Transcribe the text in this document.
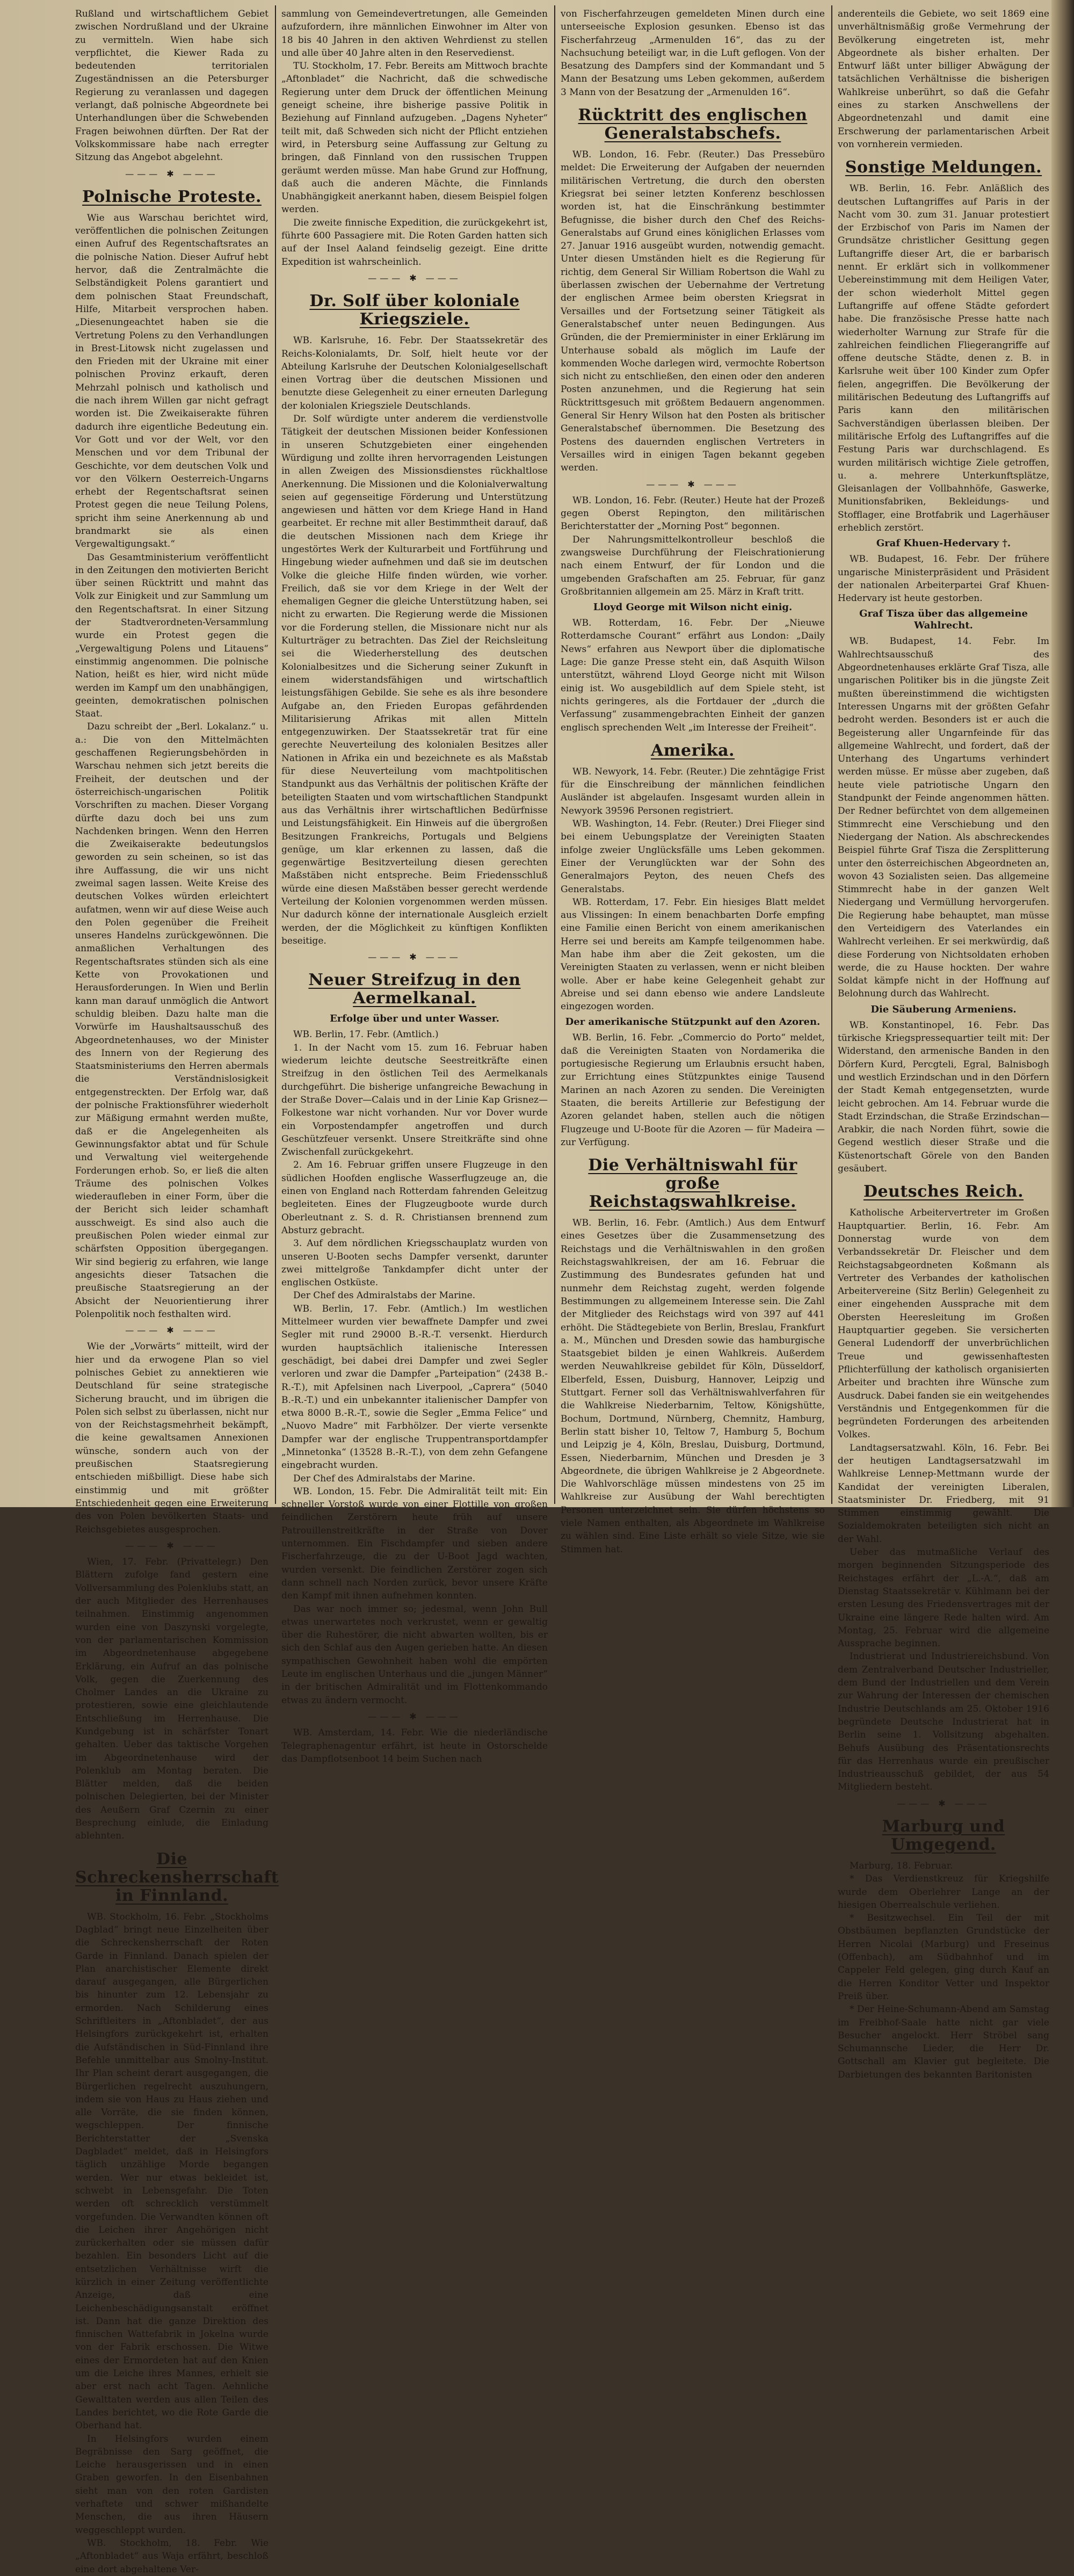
Rußland und wirtschaftlichem Gebiet zwischen Nordrußland und der Ukraine zu vermitteln. Wien habe sich verpflichtet, die Kiewer Rada zu bedeutenden territorialen Zugeständnissen an die Petersburger Regierung zu veranlassen und dagegen verlangt, daß polnische Abgeordnete bei Unterhandlungen über die Schwebenden Fragen beiwohnen dürften. Der Rat der Volkskommissare habe nach erregter Sitzung das Angebot abgelehnt.

——— ✱ ———
Polnische Proteste.

Wie aus Warschau berichtet wird, veröffentlichen die polnischen Zeitungen einen Aufruf des Regentschaftsrates an die polnische Nation. Dieser Aufruf hebt hervor, daß die Zentralmächte die Selbständigkeit Polens garantiert und dem polnischen Staat Freundschaft, Hilfe, Mitarbeit versprochen haben. „Diesenungeachtet haben sie die Vertretung Polens zu den Verhandlungen in Brest-Litowsk nicht zugelassen und den Frieden mit der Ukraine mit einer polnischen Provinz erkauft, deren Mehrzahl polnisch und katholisch und die nach ihrem Willen gar nicht gefragt worden ist. Die Zweikaiserakte führen dadurch ihre eigentliche Bedeutung ein. Vor Gott und vor der Welt, vor den Menschen und vor dem Tribunal der Geschichte, vor dem deutschen Volk und vor den Völkern Oesterreich-Ungarns erhebt der Regentschaftsrat seinen Protest gegen die neue Teilung Polens, spricht ihm seine Anerkennung ab und brandmarkt sie als einen Vergewaltigungsakt.“

Das Gesamtministerium veröffentlicht in den Zeitungen den motivierten Bericht über seinen Rücktritt und mahnt das Volk zur Einigkeit und zur Sammlung um den Regentschaftsrat. In einer Sitzung der Stadtverordneten-Versammlung wurde ein Protest gegen die „Vergewaltigung Polens und Litauens“ einstimmig angenommen. Die polnische Nation, heißt es hier, wird nicht müde werden im Kampf um den unabhängigen, geeinten, demokratischen polnischen Staat.

Dazu schreibt der „Berl. Lokalanz.“ u. a.: Die von den Mittelmächten geschaffenen Regierungsbehörden in Warschau nehmen sich jetzt bereits die Freiheit, der deutschen und der österreichisch-ungarischen Politik Vorschriften zu machen. Dieser Vorgang dürfte dazu doch bei uns zum Nachdenken bringen. Wenn den Herren die Zweikaiserakte bedeutungslos geworden zu sein scheinen, so ist das ihre Auffassung, die wir uns nicht zweimal sagen lassen. Weite Kreise des deutschen Volkes würden erleichtert aufatmen, wenn wir auf diese Weise auch den Polen gegenüber die Freiheit unseres Handelns zurückgewönnen. Die anmaßlichen Verhaltungen des Regentschaftsrates stünden sich als eine Kette von Provokationen und Herausforderungen. In Wien und Berlin kann man darauf unmöglich die Antwort schuldig bleiben. Dazu halte man die Vorwürfe im Haushaltsausschuß des Abgeordnetenhauses, wo der Minister des Innern von der Regierung des Staatsministeriums den Herren abermals die Verständnislosigkeit entgegenstreckten. Der Erfolg war, daß der polnische Fraktionsführer wiederholt zur Mäßigung ermahnt werden mußte, daß er die Angelegenheiten als Gewinnungsfaktor abtat und für Schule und Verwaltung viel weitergehende Forderungen erhob. So, er ließ die alten Träume des polnischen Volkes wiederaufleben in einer Form, über die der Bericht sich leider schamhaft ausschweigt. Es sind also auch die preußischen Polen wieder einmal zur schärfsten Opposition übergegangen. Wir sind begierig zu erfahren, wie lange angesichts dieser Tatsachen die preußische Staatsregierung an der Absicht der Neuorientierung ihrer Polenpolitik noch festhalten wird.

——— ✱ ———

Wie der „Vorwärts“ mitteilt, wird der hier und da erwogene Plan so viel polnisches Gebiet zu annektieren wie Deutschland für seine strategische Sicherung braucht, und im übrigen die Polen sich selbst zu überlassen, nicht nur von der Reichstagsmehrheit bekämpft, die keine gewaltsamen Annexionen wünsche, sondern auch von der preußischen Staatsregierung entschieden mißbilligt. Diese habe sich einstimmig und mit größter Entschiedenheit gegen eine Erweiterung des von Polen bevölkerten Staats- und Reichsgebietes ausgesprochen.

——— ✱ ———

Wien, 17. Febr. (Privattelegr.) Den Blättern zufolge fand gestern eine Vollversammlung des Polenklubs statt, an der auch Mitglieder des Herrenhauses teilnahmen. Einstimmig angenommen wurden eine von Daszynski vorgelegte, von der parlamentarischen Kommission im Abgeordnetenhause abgegebene Erklärung, ein Aufruf an das polnische Volk, gegen die Zuerkennung des Cholmer Landes an die Ukraine zu protestieren, sowie eine gleichlautende Entschließung im Herrenhause. Die Kundgebung ist in schärfster Tonart gehalten. Ueber das taktische Vorgehen im Abgeordnetenhause wird der Polenklub am Montag beraten. Die Blätter melden, daß die beiden polnischen Delegierten, bei der Minister des Aeußern Graf Czernin zu einer Besprechung einlude, die Einladung ablehnten.

Die Schreckensherrschaft in Finnland.

WB. Stockholm, 16. Febr. „Stockholms Dagblad“ bringt neue Einzelheiten über die Schreckensherrschaft der Roten Garde in Finnland. Danach spielen der Plan anarchistischer Elemente direkt darauf ausgegangen, alle Bürgerlichen bis hinunter zum 12. Lebensjahr zu ermorden. Nach Schilderung eines Schriftleiters in „Aftonbladet“, der aus Helsingfors zurückgekehrt ist, erhalten die Aufständischen in Süd-Finnland ihre Befehle unmittelbar aus Smolny-Institut. Ihr Plan scheint derart ausgegangen, die Bürgerlichen regelrecht auszuhungern, indem sie von Haus zu Haus ziehen und alle Vorräte, die sie finden können, wegschleppen. Der finnische Berichterstatter der „Svenska Dagbladet“ meldet, daß in Helsingfors täglich unzählige Morde begangen werden. Wer nur etwas bekleidet ist, schwebt in Lebensgefahr. Die Toten werden oft schrecklich verstümmelt vorgefunden. Die Verwandten können oft die Leichen ihrer Angehörigen nicht zurückerhalten oder sie müssen dafür bezahlen. Ein besonders Licht auf die entsetzlichen Verhältnisse wirft die kürzlich in einer Zeitung veröffentlichte Anzeige, daß eine Leichenbeschädigungsanstalt eröffnet ist. Dann hat die ganze Direktion des finnischen Wattefabrik in Jokelna wurde von der Fabrik erschossen. Die Witwe eines der Ermordeten hat auf den Knien um die Leiche ihres Mannes, erhielt sie aber erst nach acht Tagen. Aehnliche Gewalttaten werden aus allen Teilen des Landes berichtet, wo die Rote Garde die Oberhand hat.

In Helsingfors wurden einem Begräbnisse den Sarg geöffnet, die Leiche herausgerissen und in einen Graben geworfen. In den Eisenbahnen sieht man von den roten Gardisten verhaftete und schwer mißhandelte Menschen, die aus ihren Häusern weggeschleppt wurden.

WB. Stockholm, 18. Febr. Wie „Aftonbladet“ aus Waja erfährt, beschloß eine dort abgehaltene Ver-

sammlung von Gemeindevertretungen, alle Gemeinden aufzufordern, ihre männlichen Einwohner im Alter von 18 bis 40 Jahren in den aktiven Wehrdienst zu stellen und alle über 40 Jahre alten in den Reservedienst.

TU. Stockholm, 17. Febr. Bereits am Mittwoch brachte „Aftonbladet“ die Nachricht, daß die schwedische Regierung unter dem Druck der öffentlichen Meinung geneigt scheine, ihre bisherige passive Politik in Beziehung auf Finnland aufzugeben. „Dagens Nyheter“ teilt mit, daß Schweden sich nicht der Pflicht entziehen wird, in Petersburg seine Auffassung zur Geltung zu bringen, daß Finnland von den russischen Truppen geräumt werden müsse. Man habe Grund zur Hoffnung, daß auch die anderen Mächte, die Finnlands Unabhängigkeit anerkannt haben, diesem Beispiel folgen werden.

Die zweite finnische Expedition, die zurückgekehrt ist, führte 600 Passagiere mit. Die Roten Garden hatten sich auf der Insel Aaland feindselig gezeigt. Eine dritte Expedition ist wahrscheinlich.

——— ✱ ———
Dr. Solf über koloniale Kriegsziele.

WB. Karlsruhe, 16. Febr. Der Staatssekretär des Reichs-Kolonialamts, Dr. Solf, hielt heute vor der Abteilung Karlsruhe der Deutschen Kolonialgesellschaft einen Vortrag über die deutschen Missionen und benutzte diese Gelegenheit zu einer erneuten Darlegung der kolonialen Kriegsziele Deutschlands.

Dr. Solf würdigte unter anderem die verdienstvolle Tätigkeit der deutschen Missionen beider Konfessionen in unseren Schutzgebieten einer eingehenden Würdigung und zollte ihren hervorragenden Leistungen in allen Zweigen des Missionsdienstes rückhaltlose Anerkennung. Die Missionen und die Kolonialverwaltung seien auf gegenseitige Förderung und Unterstützung angewiesen und hätten vor dem Kriege Hand in Hand gearbeitet. Er rechne mit aller Bestimmtheit darauf, daß die deutschen Missionen nach dem Kriege ihr ungestörtes Werk der Kulturarbeit und Fortführung und Hingebung wieder aufnehmen und daß sie im deutschen Volke die gleiche Hilfe finden würden, wie vorher. Freilich, daß sie vor dem Kriege in der Welt der ehemaligen Gegner die gleiche Unterstützung haben, sei nicht zu erwarten. Die Regierung werde die Missionen vor die Forderung stellen, die Missionare nicht nur als Kulturträger zu betrachten. Das Ziel der Reichsleitung sei die Wiederherstellung des deutschen Kolonialbesitzes und die Sicherung seiner Zukunft in einem widerstandsfähigen und wirtschaftlich leistungsfähigen Gebilde. Sie sehe es als ihre besondere Aufgabe an, den Frieden Europas gefährdenden Militarisierung Afrikas mit allen Mitteln entgegenzuwirken. Der Staatssekretär trat für eine gerechte Neuverteilung des kolonialen Besitzes aller Nationen in Afrika ein und bezeichnete es als Maßstab für diese Neuverteilung vom machtpolitischen Standpunkt aus das Verhältnis der politischen Kräfte der beteiligten Staaten und vom wirtschaftlichen Standpunkt aus das Verhältnis ihrer wirtschaftlichen Bedürfnisse und Leistungsfähigkeit. Ein Hinweis auf die übergroßen Besitzungen Frankreichs, Portugals und Belgiens genüge, um klar erkennen zu lassen, daß die gegenwärtige Besitzverteilung diesen gerechten Maßstäben nicht entspreche. Beim Friedensschluß würde eine diesen Maßstäben besser gerecht werdende Verteilung der Kolonien vorgenommen werden müssen. Nur dadurch könne der internationale Ausgleich erzielt werden, der die Möglichkeit zu künftigen Konflikten beseitige.

——— ✱ ———
Neuer Streifzug in den Aermelkanal.
Erfolge über und unter Wasser.

WB. Berlin, 17. Febr. (Amtlich.)

1. In der Nacht vom 15. zum 16. Februar haben wiederum leichte deutsche Seestreitkräfte einen Streifzug in den östlichen Teil des Aermelkanals durchgeführt. Die bisherige unfangreiche Bewachung in der Straße Dover—Calais und in der Linie Kap Grisnez—Folkestone war nicht vorhanden. Nur vor Dover wurde ein Vorpostendampfer angetroffen und durch Geschützfeuer versenkt. Unsere Streitkräfte sind ohne Zwischenfall zurückgekehrt.

2. Am 16. Februar griffen unsere Flugzeuge in den südlichen Hoofden englische Wasserflugzeuge an, die einen von England nach Rotterdam fahrenden Geleitzug begleiteten. Eines der Flugzeugboote wurde durch Oberleutnant z. S. d. R. Christiansen brennend zum Absturz gebracht.

3. Auf dem nördlichen Kriegsschauplatz wurden von unseren U-Booten sechs Dampfer versenkt, darunter zwei mittelgroße Tankdampfer dicht unter der englischen Ostküste.

Der Chef des Admiralstabs der Marine.

WB. Berlin, 17. Febr. (Amtlich.) Im westlichen Mittelmeer wurden vier bewaffnete Dampfer und zwei Segler mit rund 29000 B.-R.-T. versenkt. Hierdurch wurden hauptsächlich italienische Interessen geschädigt, bei dabei drei Dampfer und zwei Segler verloren und zwar die Dampfer „Parteipation“ (2438 B.-R.-T.), mit Apfelsinen nach Liverpool, „Caprera“ (5040 B.-R.-T.) und ein unbekannter italienischer Dampfer von etwa 8000 B.-R.-T., sowie die Segler „Emma Felice“ und „Nuovo Madre“ mit Farbhölzer. Der vierte versenkte Dampfer war der englische Truppentransportdampfer „Minnetonka“ (13528 B.-R.-T.), von dem zehn Gefangene eingebracht wurden.

Der Chef des Admiralstabs der Marine.

WB. London, 15. Febr. Die Admiralität teilt mit: Ein schneller Vorstoß wurde von einer Flottille von großen feindlichen Zerstörern heute früh auf unsere Patrouillenstreitkräfte in der Straße von Dover unternommen. Ein Fischdampfer und sieben andere Fischerfahrzeuge, die zu der U-Boot Jagd wachten, wurden versenkt. Die feindlichen Zerstörer zogen sich dann schnell nach Norden zurück, bevor unsere Kräfte den Kampf mit ihnen aufnehmen konnten.

Das war noch immer so; jedesmal, wenn John Bull etwas unerwartetes noch verkrustet, wenn er gewaltig über die Ruhestörer, die nicht abwarten wollten, bis er sich den Schlaf aus den Augen gerieben hatte. An diesen sympathischen Gewohnheit haben wohl die empörten Leute im englischen Unterhaus und die „jungen Männer“ in der britischen Admiralität und im Flottenkommando etwas zu ändern vermocht.

——— ✱ ———

WB. Amsterdam, 14. Febr. Wie die niederländische Telegraphenagentur erfährt, ist heute in Ostorschelde das Dampflotsenboot 14 beim Suchen nach

von Fischerfahrzeugen gemeldeten Minen durch eine unterseeische Explosion gesunken. Ebenso ist das Fischerfahrzeug „Armenulden 16“, das zu der Nachsuchung beteiligt war, in die Luft geflogen. Von der Besatzung des Dampfers sind der Kommandant und 5 Mann der Besatzung ums Leben gekommen, außerdem 3 Mann von der Besatzung der „Armenulden 16“.

Rücktritt des englischen Generalstabschefs.

WB. London, 16. Febr. (Reuter.) Das Pressebüro meldet: Die Erweiterung der Aufgaben der neuernden militärischen Vertretung, die durch den obersten Kriegsrat bei seiner letzten Konferenz beschlossen worden ist, hat die Einschränkung bestimmter Befugnisse, die bisher durch den Chef des Reichs-Generalstabs auf Grund eines königlichen Erlasses vom 27. Januar 1916 ausgeübt wurden, notwendig gemacht. Unter diesen Umständen hielt es die Regierung für richtig, dem General Sir William Robertson die Wahl zu überlassen zwischen der Uebernahme der Vertretung der englischen Armee beim obersten Kriegsrat in Versailles und der Fortsetzung seiner Tätigkeit als Generalstabschef unter neuen Bedingungen. Aus Gründen, die der Premierminister in einer Erklärung im Unterhause sobald als möglich im Laufe der kommenden Woche darlegen wird, vermochte Robertson sich nicht zu entschließen, den einen oder den anderen Posten anzunehmen, und die Regierung hat sein Rücktrittsgesuch mit größtem Bedauern angenommen. General Sir Henry Wilson hat den Posten als britischer Generalstabschef übernommen. Die Besetzung des Postens des dauernden englischen Vertreters in Versailles wird in einigen Tagen bekannt gegeben werden.

——— ✱ ———

WB. London, 16. Febr. (Reuter.) Heute hat der Prozeß gegen Oberst Repington, den militärischen Berichterstatter der „Morning Post“ begonnen.

Der Nahrungsmittelkontrolleur beschloß die zwangsweise Durchführung der Fleischrationierung nach einem Entwurf, der für London und die umgebenden Grafschaften am 25. Februar, für ganz Großbritannien allgemein am 25. März in Kraft tritt.

Lloyd George mit Wilson nicht einig.

WB. Rotterdam, 16. Febr. Der „Nieuwe Rotterdamsche Courant“ erfährt aus London: „Daily News“ erfahren aus Newport über die diplomatische Lage: Die ganze Presse steht ein, daß Asquith Wilson unterstützt, während Lloyd George nicht mit Wilson einig ist. Wo ausgebildlich auf dem Spiele steht, ist nichts geringeres, als die Fortdauer der „durch die Verfassung“ zusammengebrachten Einheit der ganzen englisch sprechenden Welt „im Interesse der Freiheit“.

Amerika.

WB. Newyork, 14. Febr. (Reuter.) Die zehntägige Frist für die Einschreibung der männlichen feindlichen Ausländer ist abgelaufen. Insgesamt wurden allein in Newyork 39596 Personen registriert.

WB. Washington, 14. Febr. (Reuter.) Drei Flieger sind bei einem Uebungsplatze der Vereinigten Staaten infolge zweier Unglücksfälle ums Leben gekommen. Einer der Verunglückten war der Sohn des Generalmajors Peyton, des neuen Chefs des Generalstabs.

WB. Rotterdam, 17. Febr. Ein hiesiges Blatt meldet aus Vlissingen: In einem benachbarten Dorfe empfing eine Familie einen Bericht von einem amerikanischen Herre sei und bereits am Kampfe teilgenommen habe. Man habe ihm aber die Zeit gekosten, um die Vereinigten Staaten zu verlassen, wenn er nicht bleiben wolle. Aber er habe keine Gelegenheit gehabt zur Abreise und sei dann ebenso wie andere Landsleute eingezogen worden.

Der amerikanische Stützpunkt auf den Azoren.

WB. Berlin, 16. Febr. „Commercio do Porto“ meldet, daß die Vereinigten Staaten von Nordamerika die portugiesische Regierung um Erlaubnis ersucht haben, zur Errichtung eines Stützpunktes einige Tausend Marinen an nach Azoren zu senden. Die Vereinigten Staaten, die bereits Artillerie zur Befestigung der Azoren gelandet haben, stellen auch die nötigen Flugzeuge und U-Boote für die Azoren — für Madeira — zur Verfügung.

Die Verhältniswahl für große Reichstagswahlkreise.

WB. Berlin, 16. Febr. (Amtlich.) Aus dem Entwurf eines Gesetzes über die Zusammensetzung des Reichstags und die Verhältniswahlen in den großen Reichstagswahlkreisen, der am 16. Februar die Zustimmung des Bundesrates gefunden hat und nunmehr dem Reichstag zugeht, werden folgende Bestimmungen zu allgemeinem Interesse sein. Die Zahl der Mitglieder des Reichstags wird von 397 auf 441 erhöht. Die Städtegebiete von Berlin, Breslau, Frankfurt a. M., München und Dresden sowie das hamburgische Staatsgebiet bilden je einen Wahlkreis. Außerdem werden Neuwahlkreise gebildet für Köln, Düsseldorf, Elberfeld, Essen, Duisburg, Hannover, Leipzig und Stuttgart. Ferner soll das Verhältniswahlverfahren für die Wahlkreise Niederbarnim, Teltow, Königshütte, Bochum, Dortmund, Nürnberg, Chemnitz, Hamburg, Berlin statt bisher 10, Teltow 7, Hamburg 5, Bochum und Leipzig je 4, Köln, Breslau, Duisburg, Dortmund, Essen, Niederbarnim, München und Dresden je 3 Abgeordnete, die übrigen Wahlkreise je 2 Abgeordnete. Die Wahlvorschläge müssen mindestens von 25 im Wahlkreise zur Ausübung der Wahl berechtigten Personen unterzeichnet sein. Sie dürfen höchstens so viele Namen enthalten, als Abgeordnete im Wahlkreise zu wählen sind. Eine Liste erhält so viele Sitze, wie sie Stimmen hat.

anderenteils die Gebiete, wo seit 1869 eine unverhältnismäßig große Vermehrung der Bevölkerung eingetreten ist, mehr Abgeordnete als bisher erhalten. Der Entwurf läßt unter billiger Abwägung der tatsächlichen Verhältnisse die bisherigen Wahlkreise unberührt, so daß die Gefahr eines zu starken Anschwellens der Abgeordnetenzahl und damit eine Erschwerung der parlamentarischen Arbeit von vornherein vermieden.

Sonstige Meldungen.

WB. Berlin, 16. Febr. Anläßlich des deutschen Luftangriffes auf Paris in der Nacht vom 30. zum 31. Januar protestiert der Erzbischof von Paris im Namen der Grundsätze christlicher Gesittung gegen Luftangriffe dieser Art, die er barbarisch nennt. Er erklärt sich in vollkommener Uebereinstimmung mit dem Heiligen Vater, der schon wiederholt Mittel gegen Luftangriffe auf offene Städte gefordert habe. Die französische Presse hatte nach wiederholter Warnung zur Strafe für die zahlreichen feindlichen Fliegerangriffe auf offene deutsche Städte, denen z. B. in Karlsruhe weit über 100 Kinder zum Opfer fielen, angegriffen. Die Bevölkerung der militärischen Bedeutung des Luftangriffs auf Paris kann den militärischen Sachverständigen überlassen bleiben. Der militärische Erfolg des Luftangriffes auf die Festung Paris war durchschlagend. Es wurden militärisch wichtige Ziele getroffen, u. a. mehrere Unterkunftsplätze, Gleisanlagen der Vollbahnhöfe, Gaswerke, Munitionsfabriken, Bekleidungs- und Stofflager, eine Brotfabrik und Lagerhäuser erheblich zerstört.

Graf Khuen-Hedervary †.

WB. Budapest, 16. Febr. Der frühere ungarische Ministerpräsident und Präsident der nationalen Arbeiterpartei Graf Khuen-Hedervary ist heute gestorben.

Graf Tisza über das allgemeine Wahlrecht.

WB. Budapest, 14. Febr. Im Wahlrechtsausschuß des Abgeordnetenhauses erklärte Graf Tisza, alle ungarischen Politiker bis in die jüngste Zeit mußten übereinstimmend die wichtigsten Interessen Ungarns mit der größten Gefahr bedroht werden. Besonders ist er auch die Begeisterung aller Ungarnfeinde für das allgemeine Wahlrecht, und fordert, daß der Unterhang des Ungartums verhindert werden müsse. Er müsse aber zugeben, daß heute viele patriotische Ungarn den Standpunkt der Feinde angenommen hätten. Der Redner befürchtet von dem allgemeinen Stimmrecht eine Verschiebung und den Niedergang der Nation. Als abschreckendes Beispiel führte Graf Tisza die Zersplitterung unter den österreichischen Abgeordneten an, wovon 43 Sozialisten seien. Das allgemeine Stimmrecht habe in der ganzen Welt Niedergang und Vermüllung hervorgerufen. Die Regierung habe behauptet, man müsse den Verteidigern des Vaterlandes ein Wahlrecht verleihen. Er sei merkwürdig, daß diese Forderung von Nichtsoldaten erhoben werde, die zu Hause hockten. Der wahre Soldat kämpfe nicht in der Hoffnung auf Belohnung durch das Wahlrecht.

Die Säuberung Armeniens.

WB. Konstantinopel, 16. Febr. Das türkische Kriegspressequartier teilt mit: Der Widerstand, den armenische Banden in den Dörfern Kurd, Percgteli, Egral, Balnisbogh und westlich Erzindschan und in den Dörfern der Stadt Kemah entgegensetzten, wurde leicht gebrochen. Am 14. Februar wurde die Stadt Erzindschan, die Straße Erzindschan—Arabkir, die nach Norden führt, sowie die Gegend westlich dieser Straße und die Küstenortschaft Görele von den Banden gesäubert.

Deutsches Reich.

Katholische Arbeitervertreter im Großen Hauptquartier. Berlin, 16. Febr. Am Donnerstag wurde von dem Verbandssekretär Dr. Fleischer und dem Reichstagsabgeordneten Koßmann als Vertreter des Verbandes der katholischen Arbeitervereine (Sitz Berlin) Gelegenheit zu einer eingehenden Aussprache mit dem Obersten Heeresleitung im Großen Hauptquartier gegeben. Sie versicherten General Ludendorff der unverbrüchlichen Treue und gewissenhaftesten Pflichterfüllung der katholisch organisierten Arbeiter und brachten ihre Wünsche zum Ausdruck. Dabei fanden sie ein weitgehendes Verständnis und Entgegenkommen für die begründeten Forderungen des arbeitenden Volkes.

Landtagsersatzwahl. Köln, 16. Febr. Bei der heutigen Landtagsersatzwahl im Wahlkreise Lennep-Mettmann wurde der Kandidat der vereinigten Liberalen, Staatsminister Dr. Friedberg, mit 91 Stimmen einstimmig gewählt. Die Sozialdemokraten beteiligten sich nicht an der Wahl.

Ueber das mutmaßliche Verlauf des morgen beginnenden Sitzungsperiode des Reichstages erfährt der „L.-A.“, daß am Dienstag Staatssekretär v. Kühlmann bei der ersten Lesung des Friedensvertrages mit der Ukraine eine längere Rede halten wird. Am Montag, 25. Februar wird die allgemeine Aussprache beginnen.

Industrierat und Industriereichsbund. Von dem Zentralverband Deutscher Industrieller, dem Bund der Industriellen und dem Verein zur Wahrung der Interessen der chemischen Industrie Deutschlands am 25. Oktober 1916 begründete Deutsche Industrierat hat in Berlin seine 1. Vollsitzung abgehalten. Behufs Ausübung des Präsentationsrechts für das Herrenhaus wurde ein preußischer Industrieausschuß gebildet, der aus 54 Mitgliedern besteht.

——— ✱ ———
Marburg und Umgegend.

Marburg, 18. Februar.

* Das Verdienstkreuz für Kriegshilfe wurde dem Oberlehrer Lange an der hiesigen Oberrealschule verliehen.

* Besitzwechsel. Ein Teil der mit Obstbäumen bepflanzten Grundstücke der Herren Nicolai (Marburg) und Freseinus (Offenbach), am Südbahnhof und im Cappeler Feld gelegen, ging durch Kauf an die Herren Konditor Vetter und Inspektor Preiß über.

* Der Heine-Schumann-Abend am Samstag im Freibhof-Saale hatte nicht gar viele Besucher angelockt. Herr Ströbel sang Schumannsche Lieder, die Herr Dr. Gottschall am Klavier gut begleitete. Die Darbietungen des bekannten Baritonisten
